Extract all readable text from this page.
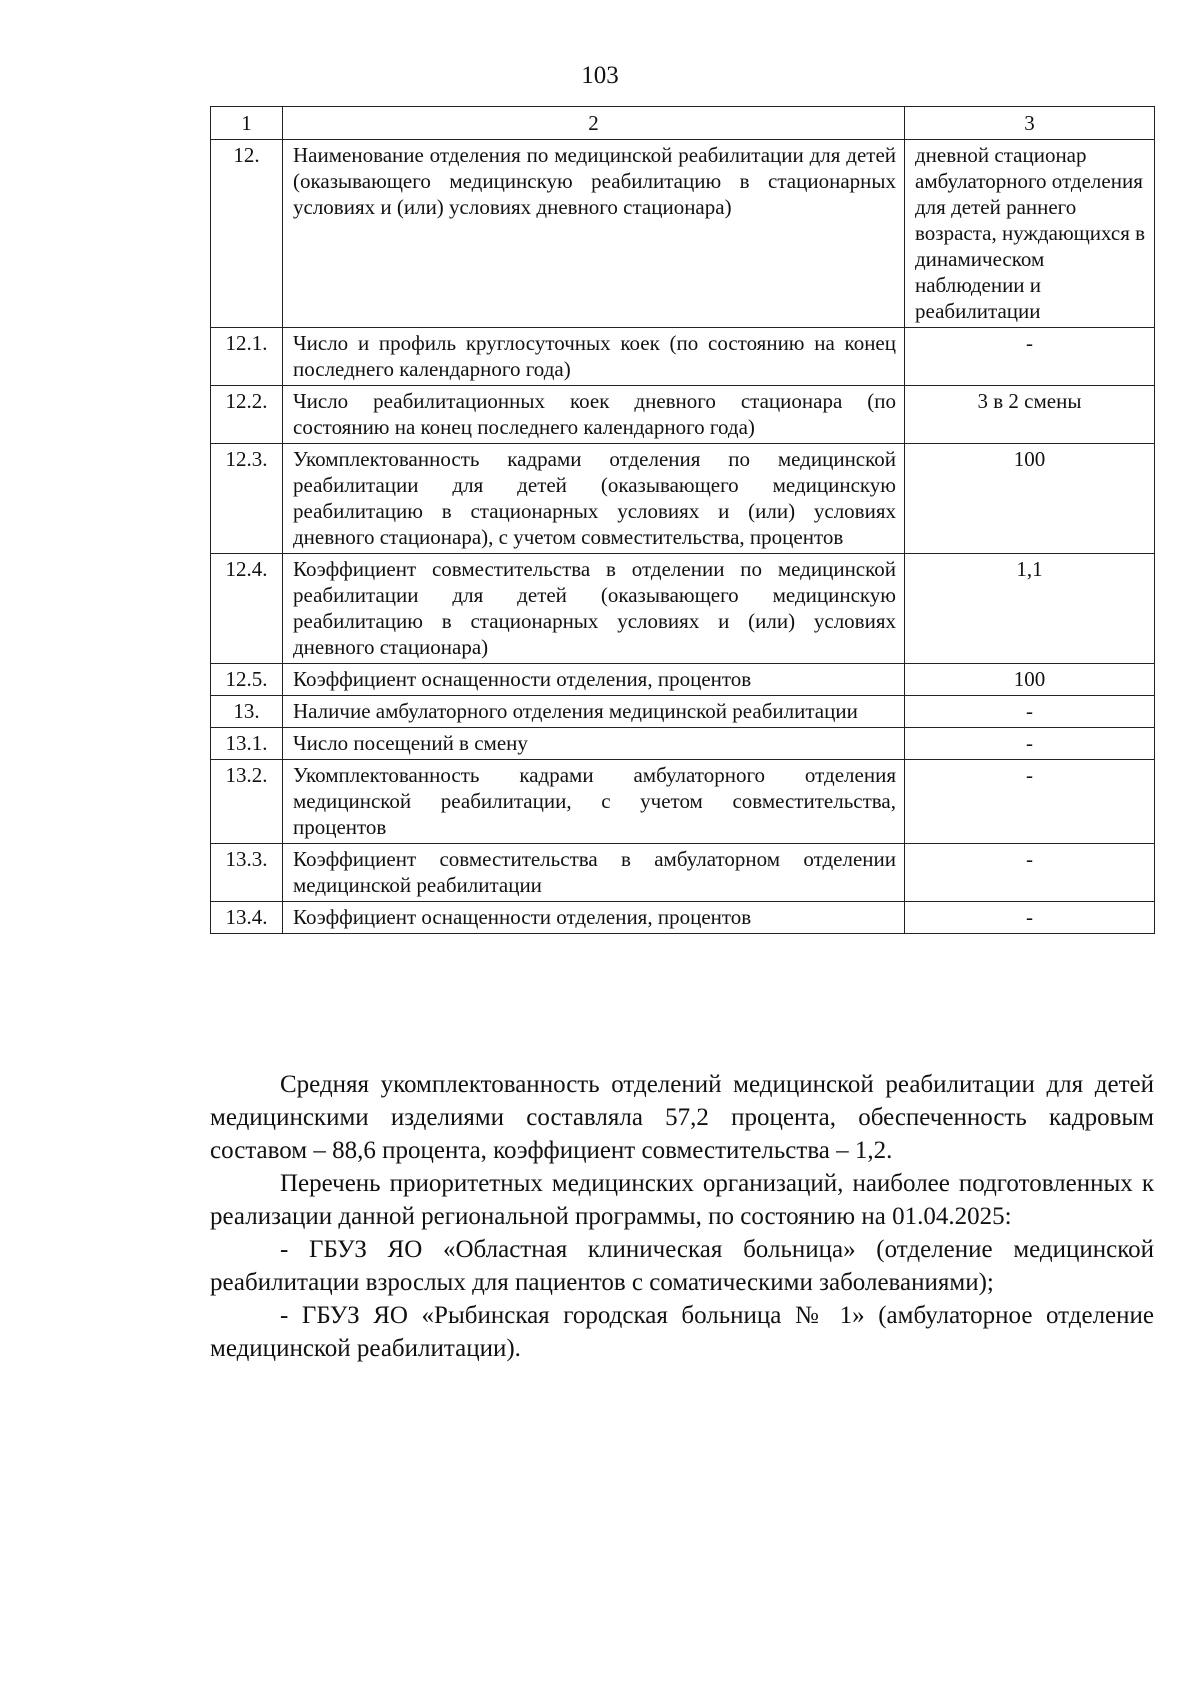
103
1	2	3
12.	Наименование отделения по медицинской реабилитации для детей (оказывающего медицинскую реабилитацию в стационарных условиях и (или) условиях дневного стационара)	дневной стационар амбулаторного отделения для детей раннего возраста, нуждающихся в динамическом наблюдении и реабилитации
12.1.	Число и профиль круглосуточных коек (по состоянию на конец последнего календарного года)	-
12.2.	Число реабилитационных коек дневного стационара (по состоянию на конец последнего календарного года)	3 в 2 смены
12.3.	Укомплектованность кадрами отделения по медицинской реабилитации для детей (оказывающего медицинскую реабилитацию в стационарных условиях и (или) условиях дневного стационара), с учетом совместительства, процентов	100
12.4.	Коэффициент совместительства в отделении по медицинской реабилитации для детей (оказывающего медицинскую реабилитацию в стационарных условиях и (или) условиях дневного стационара)	1,1
12.5.	Коэффициент оснащенности отделения, процентов	100
13.	Наличие амбулаторного отделения медицинской реабилитации	-
13.1.	Число посещений в смену	-
13.2.	Укомплектованность кадрами амбулаторного отделения медицинской реабилитации, с учетом совместительства, процентов	-
13.3.	Коэффициент совместительства в амбулаторном отделении медицинской реабилитации	-
13.4.	Коэффициент оснащенности отделения, процентов	-

Средняя укомплектованность отделений медицинской реабилитации для детей медицинскими изделиями составляла 57,2 процента, обеспеченность кадровым составом – 88,6 процента, коэффициент совместительства – 1,2.

Перечень приоритетных медицинских организаций, наиболее подготовленных к реализации данной региональной программы, по состоянию на 01.04.2025:

- ГБУЗ ЯО «Областная клиническая больница» (отделение медицинской реабилитации взрослых для пациентов с соматическими заболеваниями);

- ГБУЗ ЯО «Рыбинская городская больница № 1» (амбулаторное отделение медицинской реабилитации).
